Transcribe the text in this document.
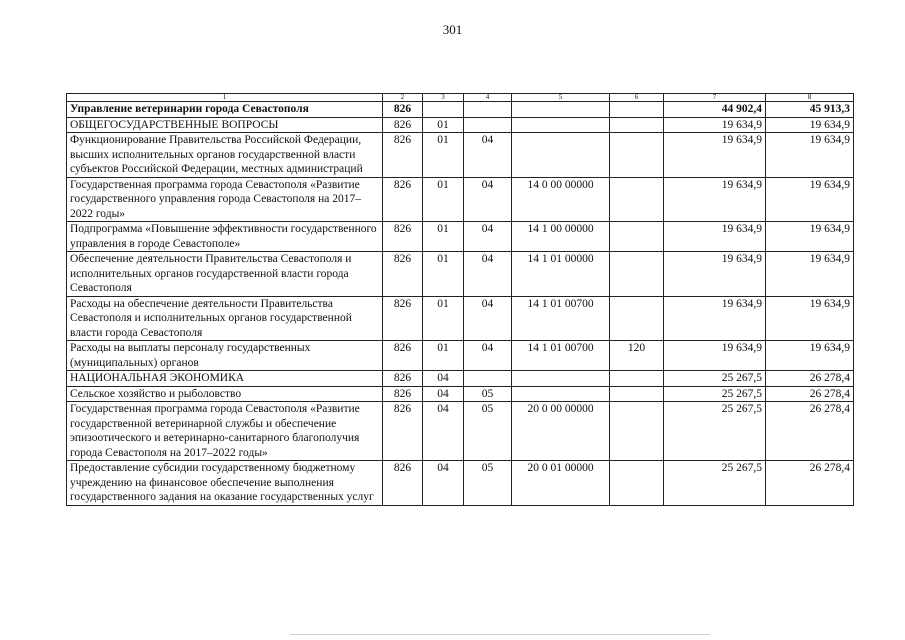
301
1	2	3	4	5	6	7	8
Управление ветеринарии города Севастополя	826					44 902,4	45 913,3
ОБЩЕГОСУДАРСТВЕННЫЕ ВОПРОСЫ	826	01				19 634,9	19 634,9
Функционирование Правительства Российской Федерации, высших исполнительных органов государственной власти субъектов Российской Федерации, местных администраций	826	01	04			19 634,9	19 634,9
Государственная программа города Севастополя «Развитие государственного управления города Севастополя на 2017–2022 годы»	826	01	04	14 0 00 00000		19 634,9	19 634,9
Подпрограмма «Повышение эффективности государственного управления в городе Севастополе»	826	01	04	14 1 00 00000		19 634,9	19 634,9
Обеспечение деятельности Правительства Севастополя и исполнительных органов государственной власти города Севастополя	826	01	04	14 1 01 00000		19 634,9	19 634,9
Расходы на обеспечение деятельности Правительства Севастополя и исполнительных органов государственной власти города Севастополя	826	01	04	14 1 01 00700		19 634,9	19 634,9
Расходы на выплаты персоналу государственных (муниципальных) органов	826	01	04	14 1 01 00700	120	19 634,9	19 634,9
НАЦИОНАЛЬНАЯ ЭКОНОМИКА	826	04				25 267,5	26 278,4
Сельское хозяйство и рыболовство	826	04	05			25 267,5	26 278,4
Государственная программа города Севастополя «Развитие государственной ветеринарной службы и обеспечение эпизоотического и ветеринарно-санитарного благополучия города Севастополя на 2017–2022 годы»	826	04	05	20 0 00 00000		25 267,5	26 278,4
Предоставление субсидии государственному бюджетному учреждению на финансовое обеспечение выполнения государственного задания на оказание государственных услуг	826	04	05	20 0 01 00000		25 267,5	26 278,4
